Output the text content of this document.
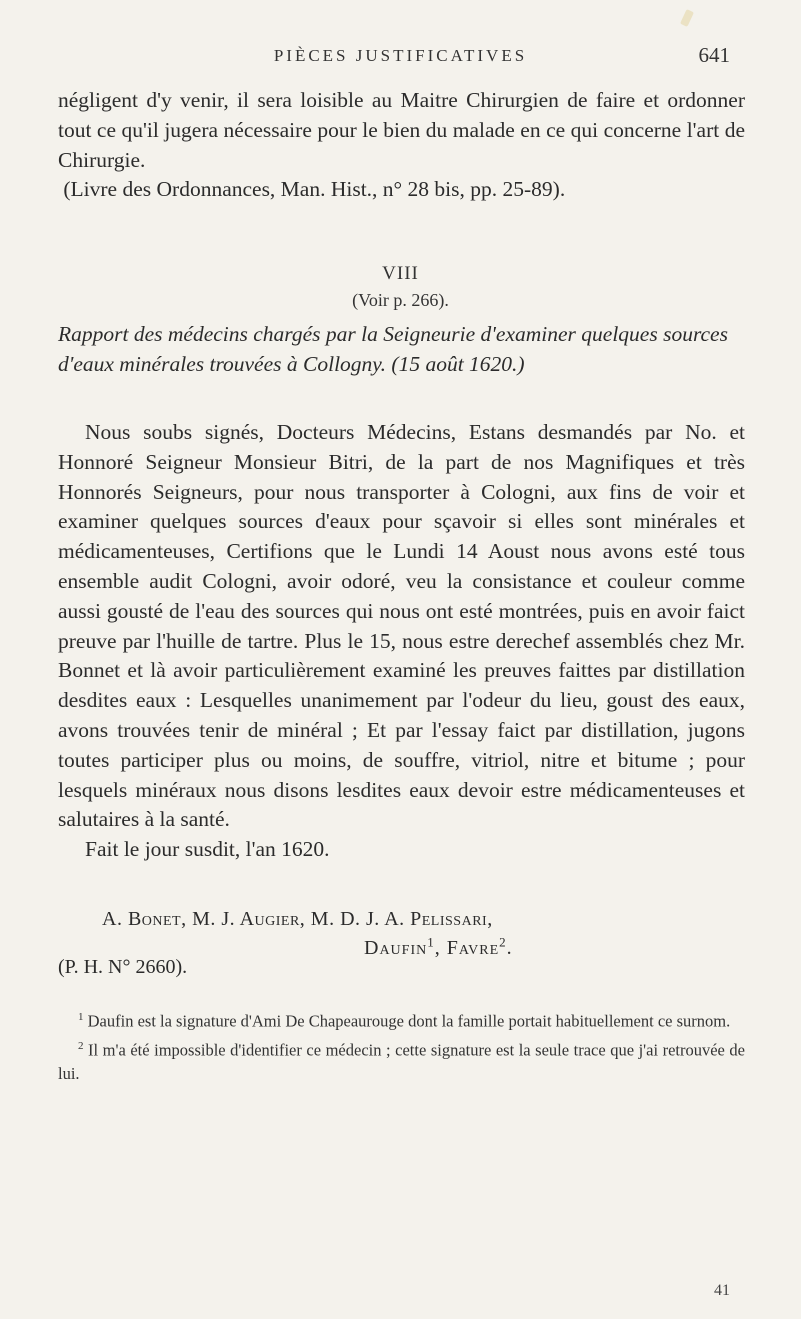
PIÈCES JUSTIFICATIVES	641

négligent d'y venir, il sera loisible au Maitre Chirurgien de faire et ordonner tout ce qu'il jugera nécessaire pour le bien du malade en ce qui concerne l'art de Chirurgie.

(Livre des Ordonnances, Man. Hist., n° 28 bis, pp. 25-89).

VIII
(Voir p. 266).
Rapport des médecins chargés par la Seigneurie d'examiner quelques sources d'eaux minérales trouvées à Collogny. (15 août 1620.)

Nous soubs signés, Docteurs Médecins, Estans desmandés par No. et Honnoré Seigneur Monsieur Bitri, de la part de nos Magnifiques et très Honnorés Seigneurs, pour nous transporter à Cologni, aux fins de voir et examiner quelques sources d'eaux pour sçavoir si elles sont minérales et médicamenteuses, Certifions que le Lundi 14 Aoust nous avons esté tous ensemble audit Cologni, avoir odoré, veu la consistance et couleur comme aussi gousté de l'eau des sources qui nous ont esté montrées, puis en avoir faict preuve par l'huille de tartre. Plus le 15, nous estre derechef assemblés chez Mr. Bonnet et là avoir particulièrement examiné les preuves faittes par distillation desdites eaux : Lesquelles unanimement par l'odeur du lieu, goust des eaux, avons trouvées tenir de minéral ; Et par l'essay faict par distillation, jugons toutes participer plus ou moins, de souffre, vitriol, nitre et bitume ; pour lesquels minéraux nous disons lesdites eaux devoir estre médicamenteuses et salutaires à la santé.

Fait le jour susdit, l'an 1620.

A. Bonet, M. J. Augier, M. D. J. A. Pelissari,
Daufin$^1$, Favre$^2$.
(P. H. N° 2660).

$^1$ Daufin est la signature d'Ami De Chapeaurouge dont la famille portait habituellement ce surnom.

$^2$ Il m'a été impossible d'identifier ce médecin ; cette signature est la seule trace que j'ai retrouvée de lui.

41
